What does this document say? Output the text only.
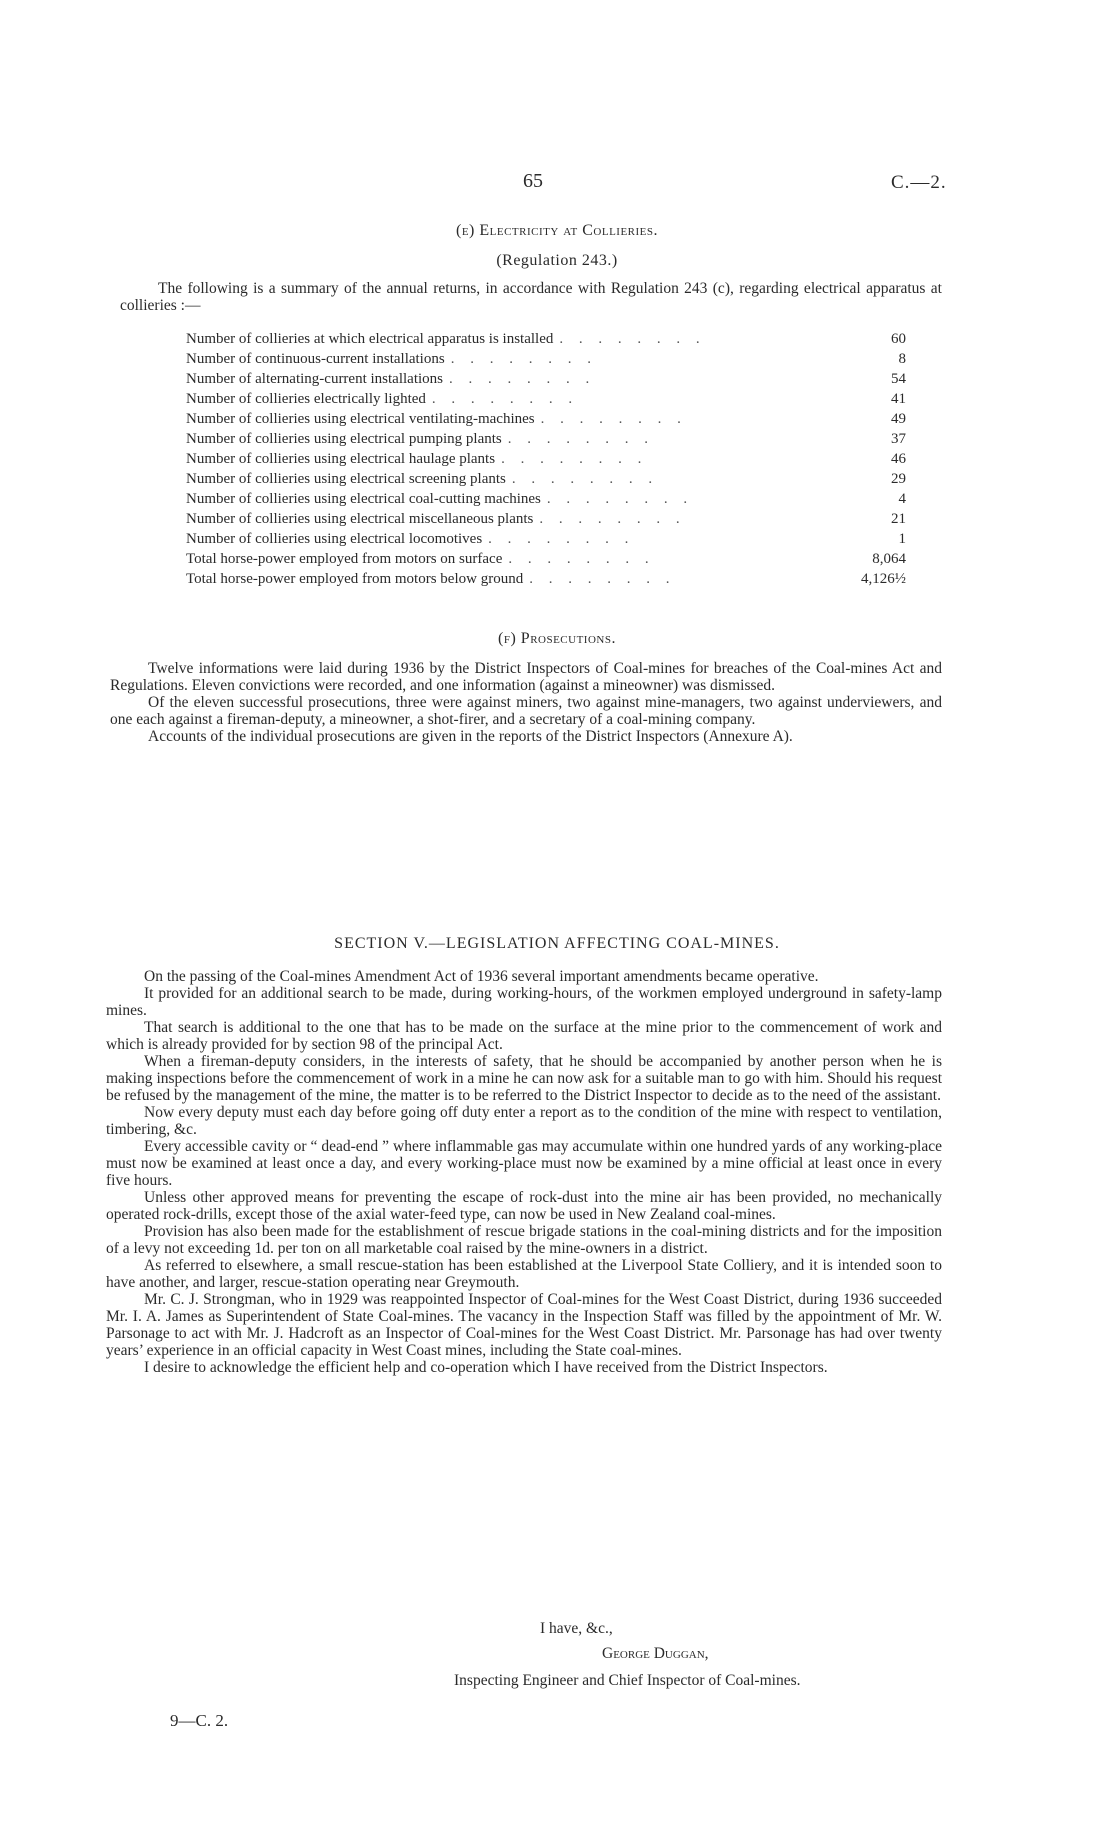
65	C.—2.
(e) Electricity at Collieries.
(Regulation 243.)

The following is a summary of the annual returns, in accordance with Regulation 243 (c), regarding electrical apparatus at collieries :—

Number of collieries at which electrical apparatus is installed . . . . . . . .	60
Number of continuous-current installations . . . . . . . .	8
Number of alternating-current installations . . . . . . . .	54
Number of collieries electrically lighted . . . . . . . .	41
Number of collieries using electrical ventilating-machines . . . . . . . .	49
Number of collieries using electrical pumping plants . . . . . . . .	37
Number of collieries using electrical haulage plants . . . . . . . .	46
Number of collieries using electrical screening plants . . . . . . . .	29
Number of collieries using electrical coal-cutting machines . . . . . . . .	4
Number of collieries using electrical miscellaneous plants . . . . . . . .	21
Number of collieries using electrical locomotives . . . . . . . .	1
Total horse-power employed from motors on surface . . . . . . . .	8,064
Total horse-power employed from motors below ground . . . . . . . .	4,126½
(f) Prosecutions.

Twelve informations were laid during 1936 by the District Inspectors of Coal-mines for breaches of the Coal-mines Act and Regulations. Eleven convictions were recorded, and one information (against a mineowner) was dismissed.

Of the eleven successful prosecutions, three were against miners, two against mine-managers, two against underviewers, and one each against a fireman-deputy, a mineowner, a shot-firer, and a secretary of a coal-mining company.

Accounts of the individual prosecutions are given in the reports of the District Inspectors (Annexure A).

SECTION V.—LEGISLATION AFFECTING COAL-MINES.

On the passing of the Coal-mines Amendment Act of 1936 several important amendments became operative.

It provided for an additional search to be made, during working-hours, of the workmen employed underground in safety-lamp mines.

That search is additional to the one that has to be made on the surface at the mine prior to the commencement of work and which is already provided for by section 98 of the principal Act.

When a fireman-deputy considers, in the interests of safety, that he should be accompanied by another person when he is making inspections before the commencement of work in a mine he can now ask for a suitable man to go with him. Should his request be refused by the management of the mine, the matter is to be referred to the District Inspector to decide as to the need of the assistant.

Now every deputy must each day before going off duty enter a report as to the condition of the mine with respect to ventilation, timbering, &c.

Every accessible cavity or “ dead-end ” where inflammable gas may accumulate within one hundred yards of any working-place must now be examined at least once a day, and every working-place must now be examined by a mine official at least once in every five hours.

Unless other approved means for preventing the escape of rock-dust into the mine air has been provided, no mechanically operated rock-drills, except those of the axial water-feed type, can now be used in New Zealand coal-mines.

Provision has also been made for the establishment of rescue brigade stations in the coal-mining districts and for the imposition of a levy not exceeding 1d. per ton on all marketable coal raised by the mine-owners in a district.

As referred to elsewhere, a small rescue-station has been established at the Liverpool State Colliery, and it is intended soon to have another, and larger, rescue-station operating near Greymouth.

Mr. C. J. Strongman, who in 1929 was reappointed Inspector of Coal-mines for the West Coast District, during 1936 succeeded Mr. I. A. James as Superintendent of State Coal-mines. The vacancy in the Inspection Staff was filled by the appointment of Mr. W. Parsonage to act with Mr. J. Hadcroft as an Inspector of Coal-mines for the West Coast District. Mr. Parsonage has had over twenty years’ experience in an official capacity in West Coast mines, including the State coal-mines.

I desire to acknowledge the efficient help and co-operation which I have received from the District Inspectors.

I have, &c.,
George Duggan,
Inspecting Engineer and Chief Inspector of Coal-mines.
9—C. 2.
